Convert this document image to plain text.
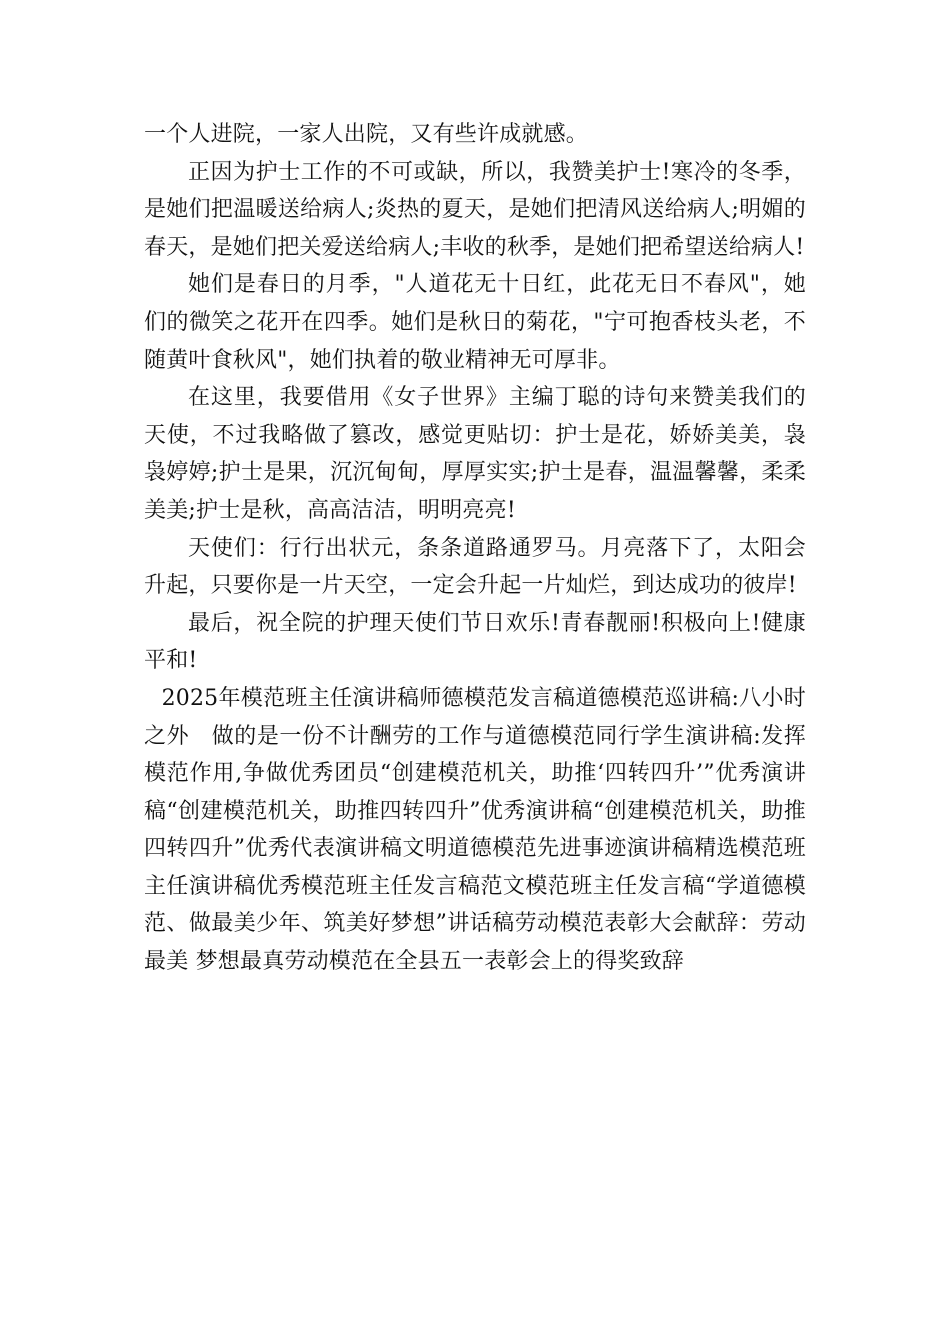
一个人进院，一家人出院，又有些许成就感。

正因为护士工作的不可或缺，所以，我赞美护士!寒冷的冬季，是她们把温暖送给病人;炎热的夏天，是她们把清风送给病人;明媚的春天，是她们把关爱送给病人;丰收的秋季，是她们把希望送给病人!

她们是春日的月季，"人道花无十日红，此花无日不春风"，她们的微笑之花开在四季。她们是秋日的菊花，"宁可抱香枝头老，不随黄叶食秋风"，她们执着的敬业精神无可厚非。

在这里，我要借用《女子世界》主编丁聪的诗句来赞美我们的天使，不过我略做了篡改，感觉更贴切：护士是花，娇娇美美，袅袅婷婷;护士是果，沉沉甸甸，厚厚实实;护士是春，温温馨馨，柔柔美美;护士是秋，高高洁洁，明明亮亮!

天使们：行行出状元，条条道路通罗马。月亮落下了，太阳会升起，只要你是一片天空，一定会升起一片灿烂，到达成功的彼岸!

最后，祝全院的护理天使们节日欢乐!青春靓丽!积极向上!健康平和!

2025年模范班主任演讲稿师德模范发言稿道德模范巡讲稿:八小时之外　做的是一份不计酬劳的工作与道德模范同行学生演讲稿:发挥模范作用,争做优秀团员“创建模范机关，助推‘四转四升’”优秀演讲稿“创建模范机关，助推四转四升”优秀演讲稿“创建模范机关，助推四转四升”优秀代表演讲稿文明道德模范先进事迹演讲稿精选模范班主任演讲稿优秀模范班主任发言稿范文模范班主任发言稿“学道德模范、做最美少年、筑美好梦想”讲话稿劳动模范表彰大会献辞：劳动最美 梦想最真劳动模范在全县五一表彰会上的得奖致辞
